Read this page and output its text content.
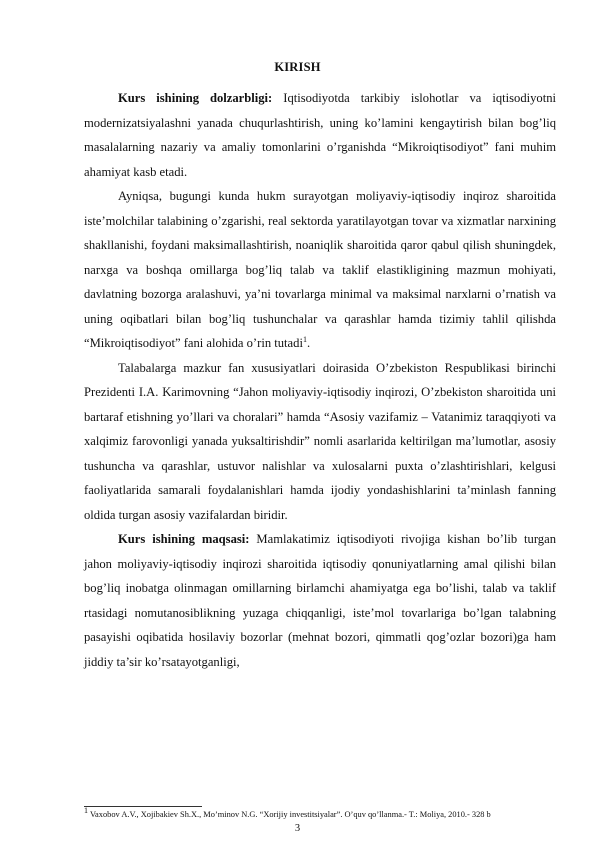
KIRISH

Kurs ishining dolzarbligi: Iqtisodiyotda tarkibiy islohotlar va iqtisodiyotni modernizatsiyalashni yanada chuqurlashtirish, uning ko’lamini kengaytirish bilan bog’liq masalalarning nazariy va amaliy tomonlarini o’rganishda “Mikroiqtisodiyot” fani muhim ahamiyat kasb etadi.

Ayniqsa, bugungi kunda hukm surayotgan moliyaviy-iqtisodiy inqiroz sharoitida iste’molchilar talabining o’zgarishi, real sektorda yaratilayotgan tovar va xizmatlar narxining shakllanishi, foydani maksimallashtirish, noaniqlik sharoitida qaror qabul qilish shuningdek, narxga va boshqa omillarga bog’liq talab va taklif elastikligining mazmun mohiyati, davlatning bozorga aralashuvi, ya’ni tovarlarga minimal va maksimal narxlarni o’rnatish va uning oqibatlari bilan bog’liq tushunchalar va qarashlar hamda tizimiy tahlil qilishda “Mikroiqtisodiyot” fani alohida o’rin tutadi$^1$.

Talabalarga mazkur fan xususiyatlari doirasida O’zbekiston Respublikasi birinchi Prezidenti I.A. Karimovning “Jahon moliyaviy-iqtisodiy inqirozi, O’zbekiston sharoitida uni bartaraf etishning yo’llari va choralari” hamda “Asosiy vazifamiz – Vatanimiz taraqqiyoti va xalqimiz farovonligi yanada yuksaltirishdir” nomli asarlarida keltirilgan ma’lumotlar, asosiy tushuncha va qarashlar, ustuvor nalishlar va xulosalarni puxta o’zlashtirishlari, kelgusi faoliyatlarida samarali foydalanishlari hamda ijodiy yondashishlarini ta’minlash fanning oldida turgan asosiy vazifalardan biridir.

Kurs ishining maqsasi: Mamlakatimiz iqtisodiyoti rivojiga kishan bo’lib turgan jahon moliyaviy-iqtisodiy inqirozi sharoitida iqtisodiy qonuniyatlarning amal qilishi bilan bog’liq inobatga olinmagan omillarning birlamchi ahamiyatga ega bo’lishi, talab va taklif rtasidagi nomutanosiblikning yuzaga chiqqanligi, iste’mol tovarlariga bo’lgan talabning pasayishi oqibatida hosilaviy bozorlar (mehnat bozori, qimmatli qog’ozlar bozori)ga ham jiddiy ta’sir ko’rsatayotganligi,

$^1$ Vaxobov A.V., Xojibakiev Sh.X., Mo’minov N.G. “Xorijiy investitsiyalar”. O’quv qo’llanma.- T.: Moliya, 2010.- 328 b
3
